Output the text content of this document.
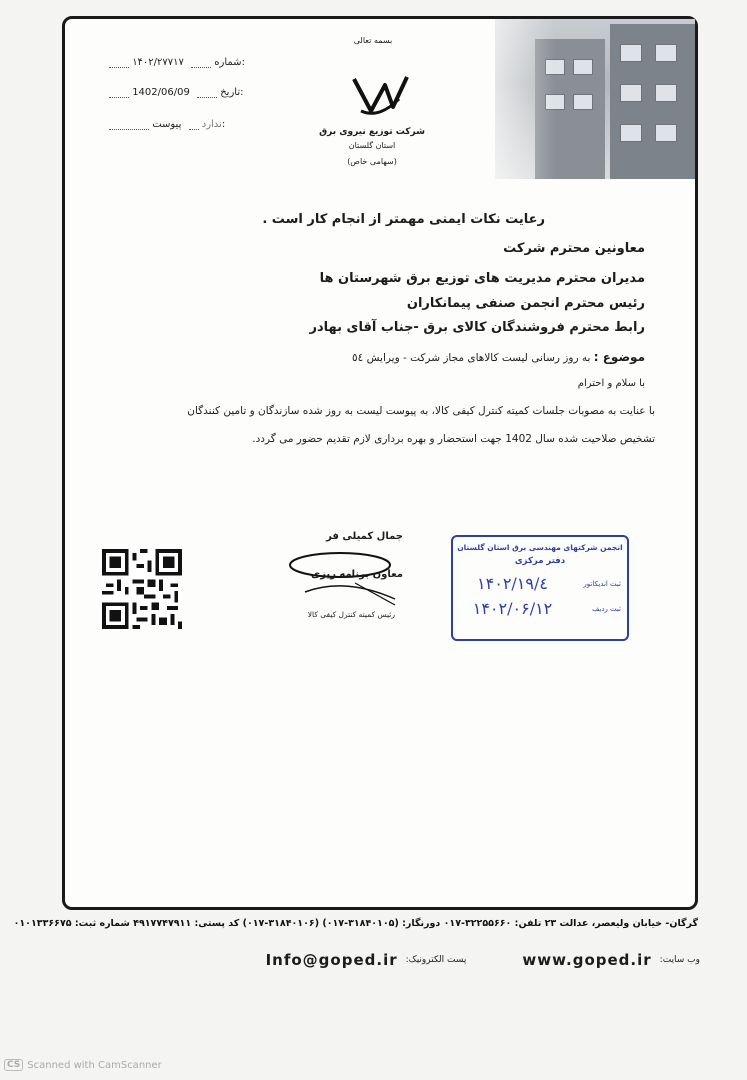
بسمه تعالی
شرکت توزیع نیروی برق
استان گلستان
(سهامی خاص)
۱۴۰۲/۲۷۷۱۷	شماره:
1402/06/09	تاریخ:
ندارد  پیوست:
رعایت نکات ایمنی مهمتر از انجام کار است .
معاونین محترم شرکت
مدیران محترم مدیریت های توزیع برق شهرستان ها
رئیس محترم انجمن صنفی پیمانکاران
رابط محترم فروشندگان کالای برق -جناب آقای بهادر
موضوع : به روز رسانی لیست کالاهای مجاز شرکت - ویرایش ٥٤
با سلام و احترام
با عنایت به مصوبات جلسات کمیته کنترل کیفی کالا، به پیوست لیست به روز شده سازندگان و تامین کنندگان
تشخیص صلاحیت شده سال 1402 جهت استحضار و بهره برداری لازم تقدیم حضور می گردد.
جمال کمیلی فر
معاون برنامه ریزی
رئیس کمیته کنترل کیفی کالا
انجمن شرکتهای مهندسی برق استان گلستان
دفتر مرکزی
ثبت اندیکاتور
۱۴۰۲/۱۹/٤
ثبت ردیف
۱۴۰۲/۰۶/۱۲
گرگان- خیابان ولیعصر، عدالت ۲۳ تلفن: ۳۲۲۵۵۶۶۰-۰۱۷ دورنگار: (۳۱۸۴۰۱۰۵-۰۱۷) (۳۱۸۴۰۱۰۶-۰۱۷) کد پستی: ۴۹۱۷۷۴۷۹۱۱ شماره ثبت: ۰۱۰۱۳۳۶۶۷۵
وب سایت:
www.goped.ir
پست الکترونیک:
Info@goped.ir
CS Scanned with CamScanner
